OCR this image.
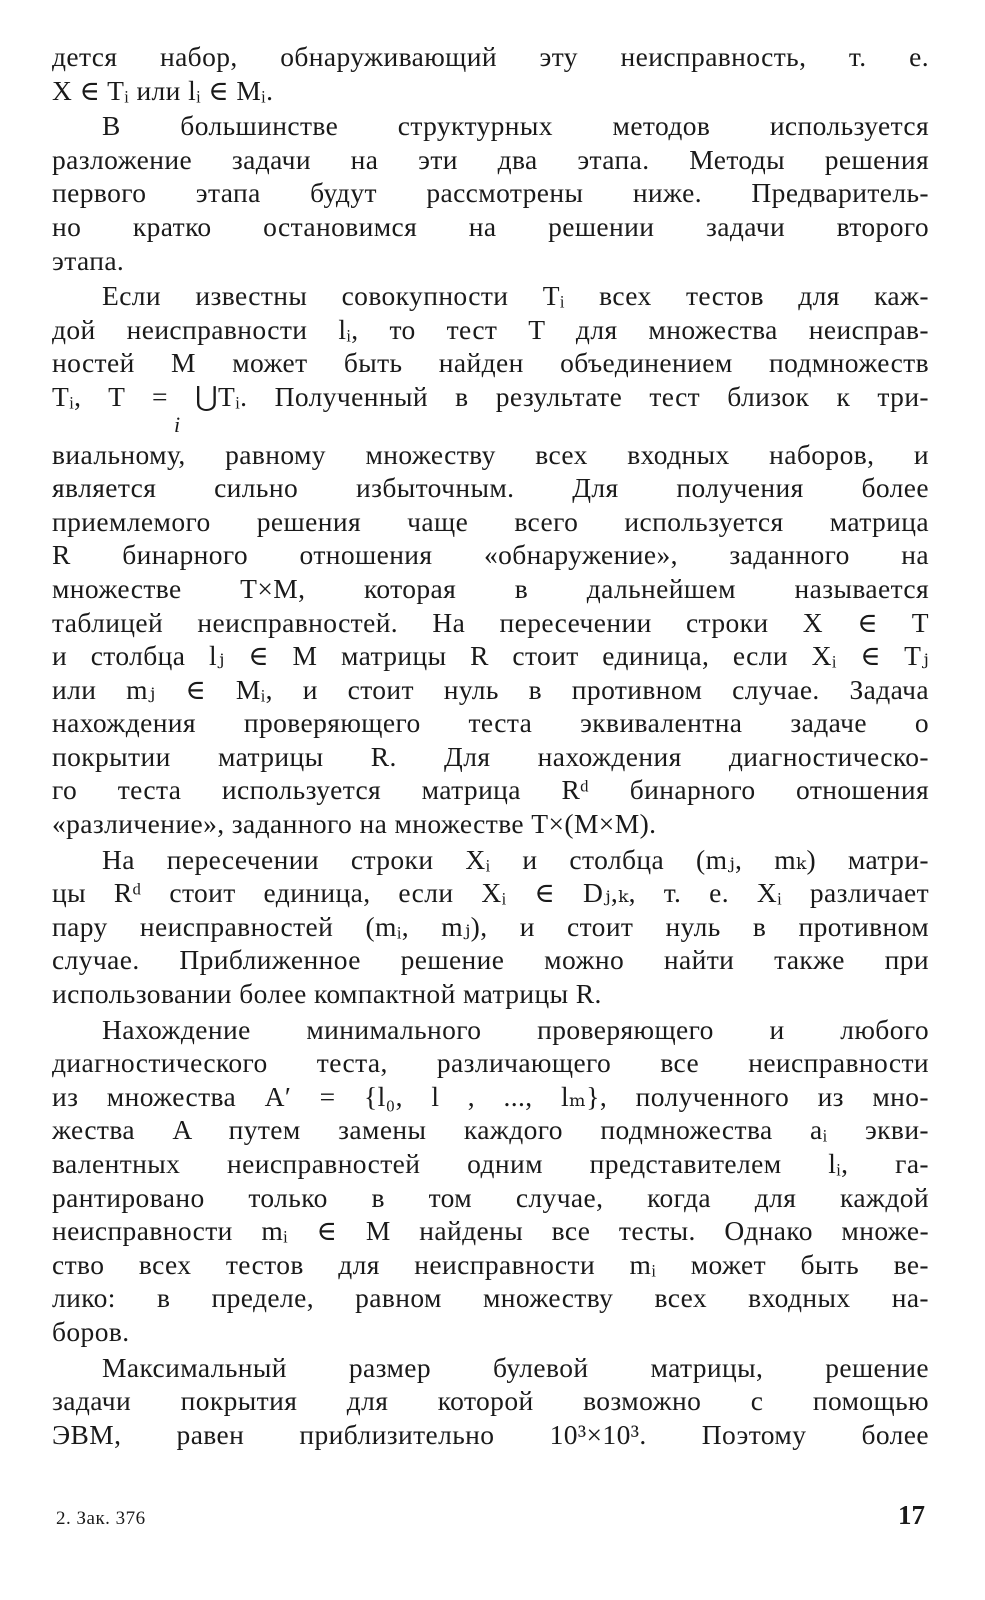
дется набор, обнаруживающий эту неисправность, т. е.
X ∈ Tᵢ или lᵢ ∈ Mᵢ.
В большинстве структурных методов используется
разложение задачи на эти два этапа. Методы решения
первого этапа будут рассмотрены ниже. Предваритель-
но кратко остановимся на решении задачи второго
этапа.
Если известны совокупности Tᵢ всех тестов для каж-
дой неисправности lᵢ, то тест T для множества неисправ-
ностей M может быть найден объединением подмножеств
Tᵢ, T = ⋃Tᵢ. Полученный в результате тест близок к три-
i
виальному, равному множеству всех входных наборов, и
является сильно избыточным. Для получения более
приемлемого решения чаще всего используется матрица
R бинарного отношения «обнаружение», заданного на
множестве T×M, которая в дальнейшем называется
таблицей неисправностей. На пересечении строки X ∈ T
и столбца lⱼ ∈ M матрицы R стоит единица, если Xᵢ ∈ Tⱼ
или mⱼ ∈ Mᵢ, и стоит нуль в противном случае. Задача
нахождения проверяющего теста эквивалентна задаче о
покрытии матрицы R. Для нахождения диагностическо-
го теста используется матрица Rᵈ бинарного отношения
«различение», заданного на множестве T×(M×M).
На пересечении строки Xᵢ и столбца (mⱼ, mₖ) матри-
цы Rᵈ стоит единица, если Xᵢ ∈ Dⱼ,ₖ, т. е. Xᵢ различает
пару неисправностей (mᵢ, mⱼ), и стоит нуль в противном
случае. Приближенное решение можно найти также при
использовании более компактной матрицы R.
Нахождение минимального проверяющего и любого
диагностического теста, различающего все неисправности
из множества A′ = {l₀, l , ..., lₘ}, полученного из мно-
жества A путем замены каждого подмножества aᵢ экви-
валентных неисправностей одним представителем lᵢ, га-
рантировано только в том случае, когда для каждой
неисправности mᵢ ∈ M найдены все тесты. Однако множе-
ство всех тестов для неисправности mᵢ может быть ве-
лико: в пределе, равном множеству всех входных на-
боров.
Максимальный размер булевой матрицы, решение
задачи покрытия для которой возможно с помощью
ЭВМ, равен приблизительно 10³×10³. Поэтому более
2. Зак. 376	17
